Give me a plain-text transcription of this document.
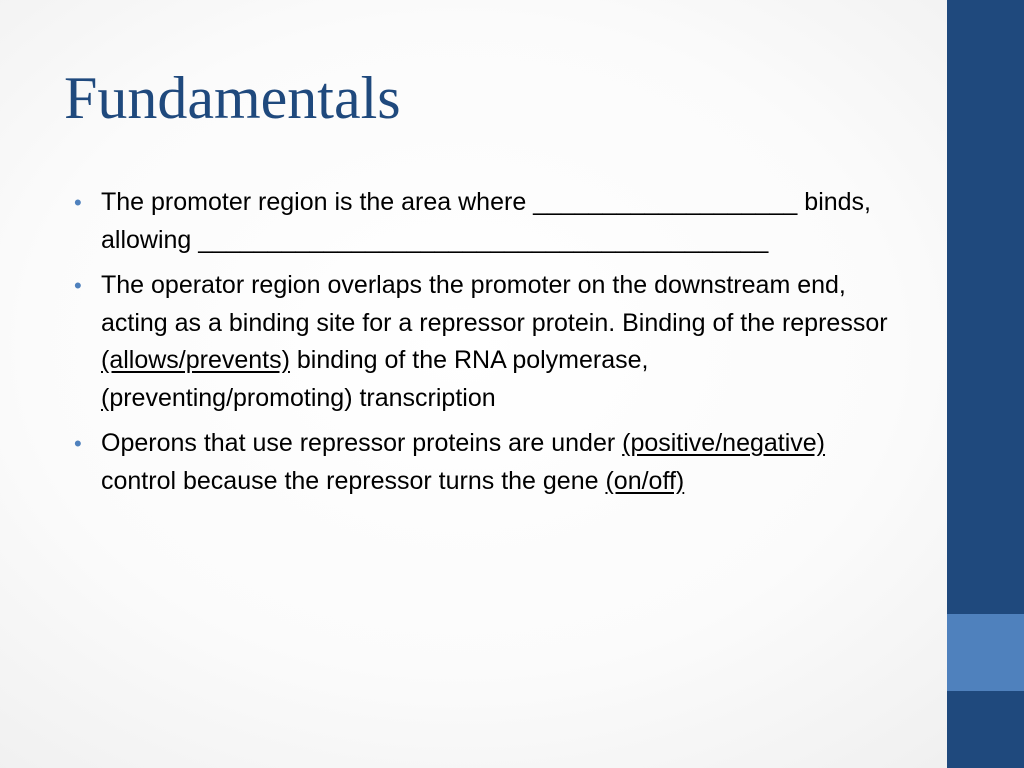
Fundamentals
• The promoter region is the area where ___________________ binds, allowing _________________________________________
• The operator region overlaps the promoter on the downstream end, acting as a binding site for a repressor protein. Binding of the repressor (allows/prevents) binding of the RNA polymerase, (preventing/promoting) transcription
• Operons that use repressor proteins are under (positive/negative) control because the repressor turns the gene (on/off)
